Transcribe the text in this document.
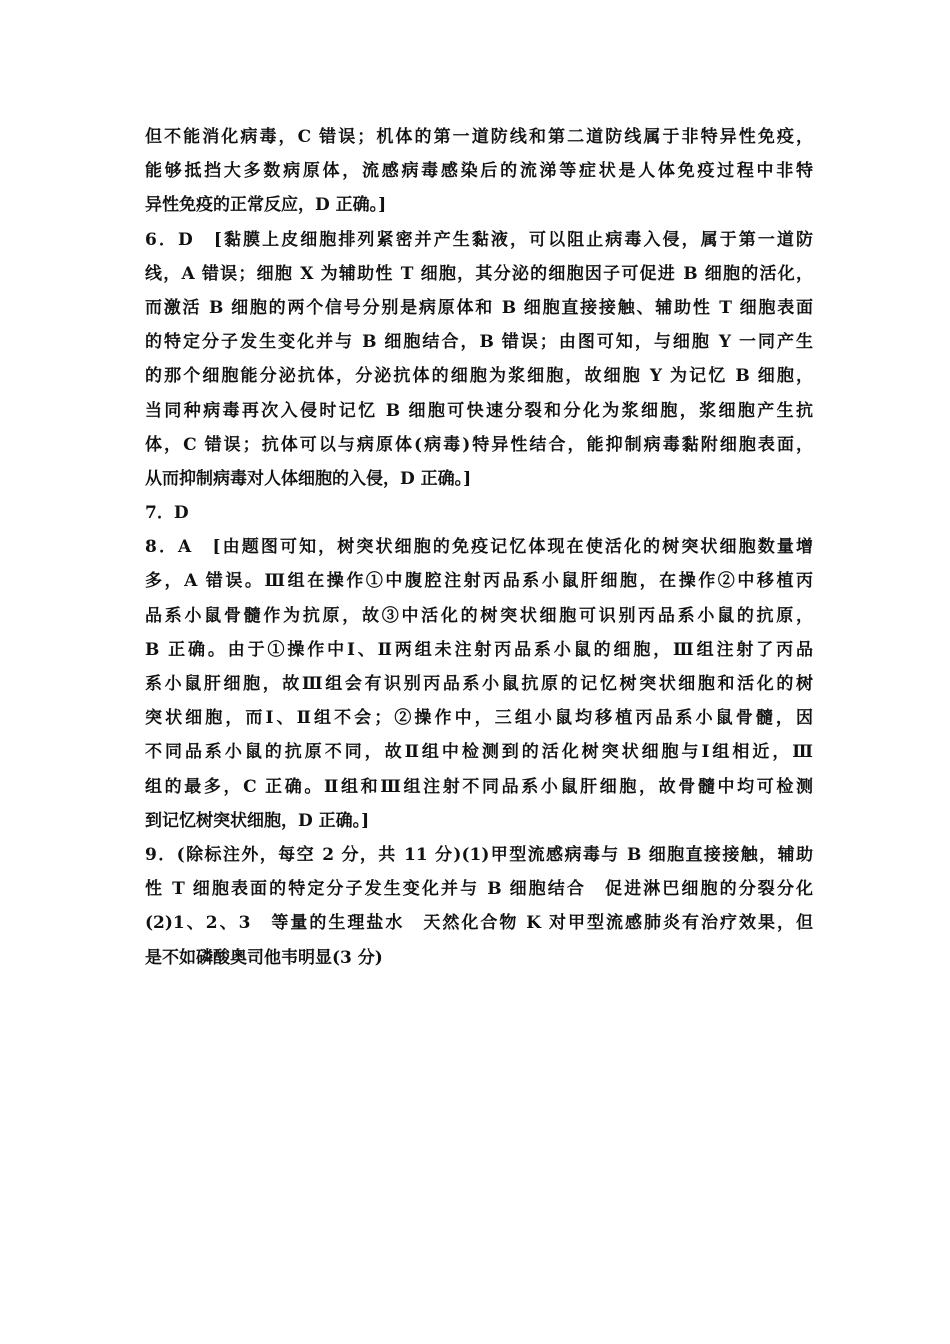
但不能消化病毒，C 错误；机体的第一道防线和第二道防线属于非特异性免疫，
能够抵挡大多数病原体，流感病毒感染后的流涕等症状是人体免疫过程中非特
异性免疫的正常反应，D 正确。]
6．D　[黏膜上皮细胞排列紧密并产生黏液，可以阻止病毒入侵，属于第一道防
线，A 错误；细胞 X 为辅助性 T 细胞，其分泌的细胞因子可促进 B 细胞的活化，
而激活 B 细胞的两个信号分别是病原体和 B 细胞直接接触、辅助性 T 细胞表面
的特定分子发生变化并与 B 细胞结合，B 错误；由图可知，与细胞 Y 一同产生
的那个细胞能分泌抗体，分泌抗体的细胞为浆细胞，故细胞 Y 为记忆 B 细胞，
当同种病毒再次入侵时记忆 B 细胞可快速分裂和分化为浆细胞，浆细胞产生抗
体，C 错误；抗体可以与病原体(病毒)特异性结合，能抑制病毒黏附细胞表面，
从而抑制病毒对人体细胞的入侵，D 正确。]
7．D
8．A　[由题图可知，树突状细胞的免疫记忆体现在使活化的树突状细胞数量增
多，A 错误。Ⅲ组在操作①中腹腔注射丙品系小鼠肝细胞，在操作②中移植丙
品系小鼠骨髓作为抗原，故③中活化的树突状细胞可识别丙品系小鼠的抗原，
B 正确。由于①操作中Ⅰ、Ⅱ两组未注射丙品系小鼠的细胞，Ⅲ组注射了丙品
系小鼠肝细胞，故Ⅲ组会有识别丙品系小鼠抗原的记忆树突状细胞和活化的树
突状细胞，而Ⅰ、Ⅱ组不会；②操作中，三组小鼠均移植丙品系小鼠骨髓，因
不同品系小鼠的抗原不同，故Ⅱ组中检测到的活化树突状细胞与Ⅰ组相近，Ⅲ
组的最多，C 正确。Ⅱ组和Ⅲ组注射不同品系小鼠肝细胞，故骨髓中均可检测
到记忆树突状细胞，D 正确。]
9．(除标注外，每空 2 分，共 11 分)(1)甲型流感病毒与 B 细胞直接接触，辅助
性 T 细胞表面的特定分子发生变化并与 B 细胞结合　促进淋巴细胞的分裂分化
(2)1、2、3　等量的生理盐水　天然化合物 K 对甲型流感肺炎有治疗效果，但
是不如磷酸奥司他韦明显(3 分)
